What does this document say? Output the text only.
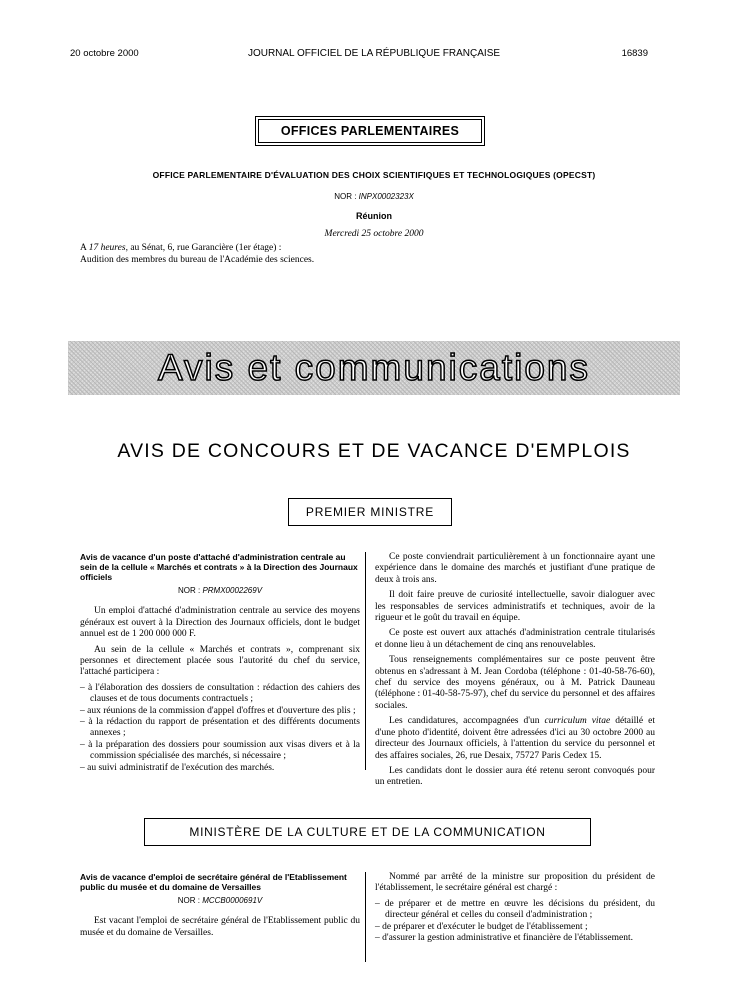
20 octobre 2000	JOURNAL OFFICIEL DE LA RÉPUBLIQUE FRANÇAISE	16839
OFFICES PARLEMENTAIRES
OFFICE PARLEMENTAIRE D'ÉVALUATION DES CHOIX SCIENTIFIQUES ET TECHNOLOGIQUES (OPECST)
NOR : INPX0002323X
Réunion
Mercredi 25 octobre 2000
A 17 heures, au Sénat, 6, rue Garancière (1er étage) :
Audition des membres du bureau de l'Académie des sciences.
Avis et communications
AVIS DE CONCOURS ET DE VACANCE D'EMPLOIS
PREMIER MINISTRE
Avis de vacance d'un poste d'attaché d'administration centrale au sein de la cellule « Marchés et contrats » à la Direction des Journaux officiels
NOR : PRMX0002269V

Un emploi d'attaché d'administration centrale au service des moyens généraux est ouvert à la Direction des Journaux officiels, dont le budget annuel est de 1 200 000 000 F.

Au sein de la cellule « Marchés et contrats », comprenant six personnes et directement placée sous l'autorité du chef du service, l'attaché participera :

– à l'élaboration des dossiers de consultation : rédaction des cahiers des clauses et de tous documents contractuels ;
– aux réunions de la commission d'appel d'offres et d'ouverture des plis ;
– à la rédaction du rapport de présentation et des différents documents annexes ;
– à la préparation des dossiers pour soumission aux visas divers et à la commission spécialisée des marchés, si nécessaire ;
– au suivi administratif de l'exécution des marchés.

Ce poste conviendrait particulièrement à un fonctionnaire ayant une expérience dans le domaine des marchés et justifiant d'une pratique de deux à trois ans.

Il doit faire preuve de curiosité intellectuelle, savoir dialoguer avec les responsables de services administratifs et techniques, avoir de la rigueur et le goût du travail en équipe.

Ce poste est ouvert aux attachés d'administration centrale titularisés et donne lieu à un détachement de cinq ans renouvelables.

Tous renseignements complémentaires sur ce poste peuvent être obtenus en s'adressant à M. Jean Cordoba (téléphone : 01-40-58-76-60), chef du service des moyens généraux, ou à M. Patrick Dauneau (téléphone : 01-40-58-75-97), chef du service du personnel et des affaires sociales.

Les candidatures, accompagnées d'un curriculum vitae détaillé et d'une photo d'identité, doivent être adressées d'ici au 30 octobre 2000 au directeur des Journaux officiels, à l'attention du service du personnel et des affaires sociales, 26, rue Desaix, 75727 Paris Cedex 15.

Les candidats dont le dossier aura été retenu seront convoqués pour un entretien.

MINISTÈRE DE LA CULTURE ET DE LA COMMUNICATION
Avis de vacance d'emploi de secrétaire général de l'Etablissement public du musée et du domaine de Versailles
NOR : MCCB0000691V

Est vacant l'emploi de secrétaire général de l'Etablissement public du musée et du domaine de Versailles.

Nommé par arrêté de la ministre sur proposition du président de l'établissement, le secrétaire général est chargé :

– de préparer et de mettre en œuvre les décisions du président, du directeur général et celles du conseil d'administration ;
– de préparer et d'exécuter le budget de l'établissement ;
– d'assurer la gestion administrative et financière de l'établissement.
